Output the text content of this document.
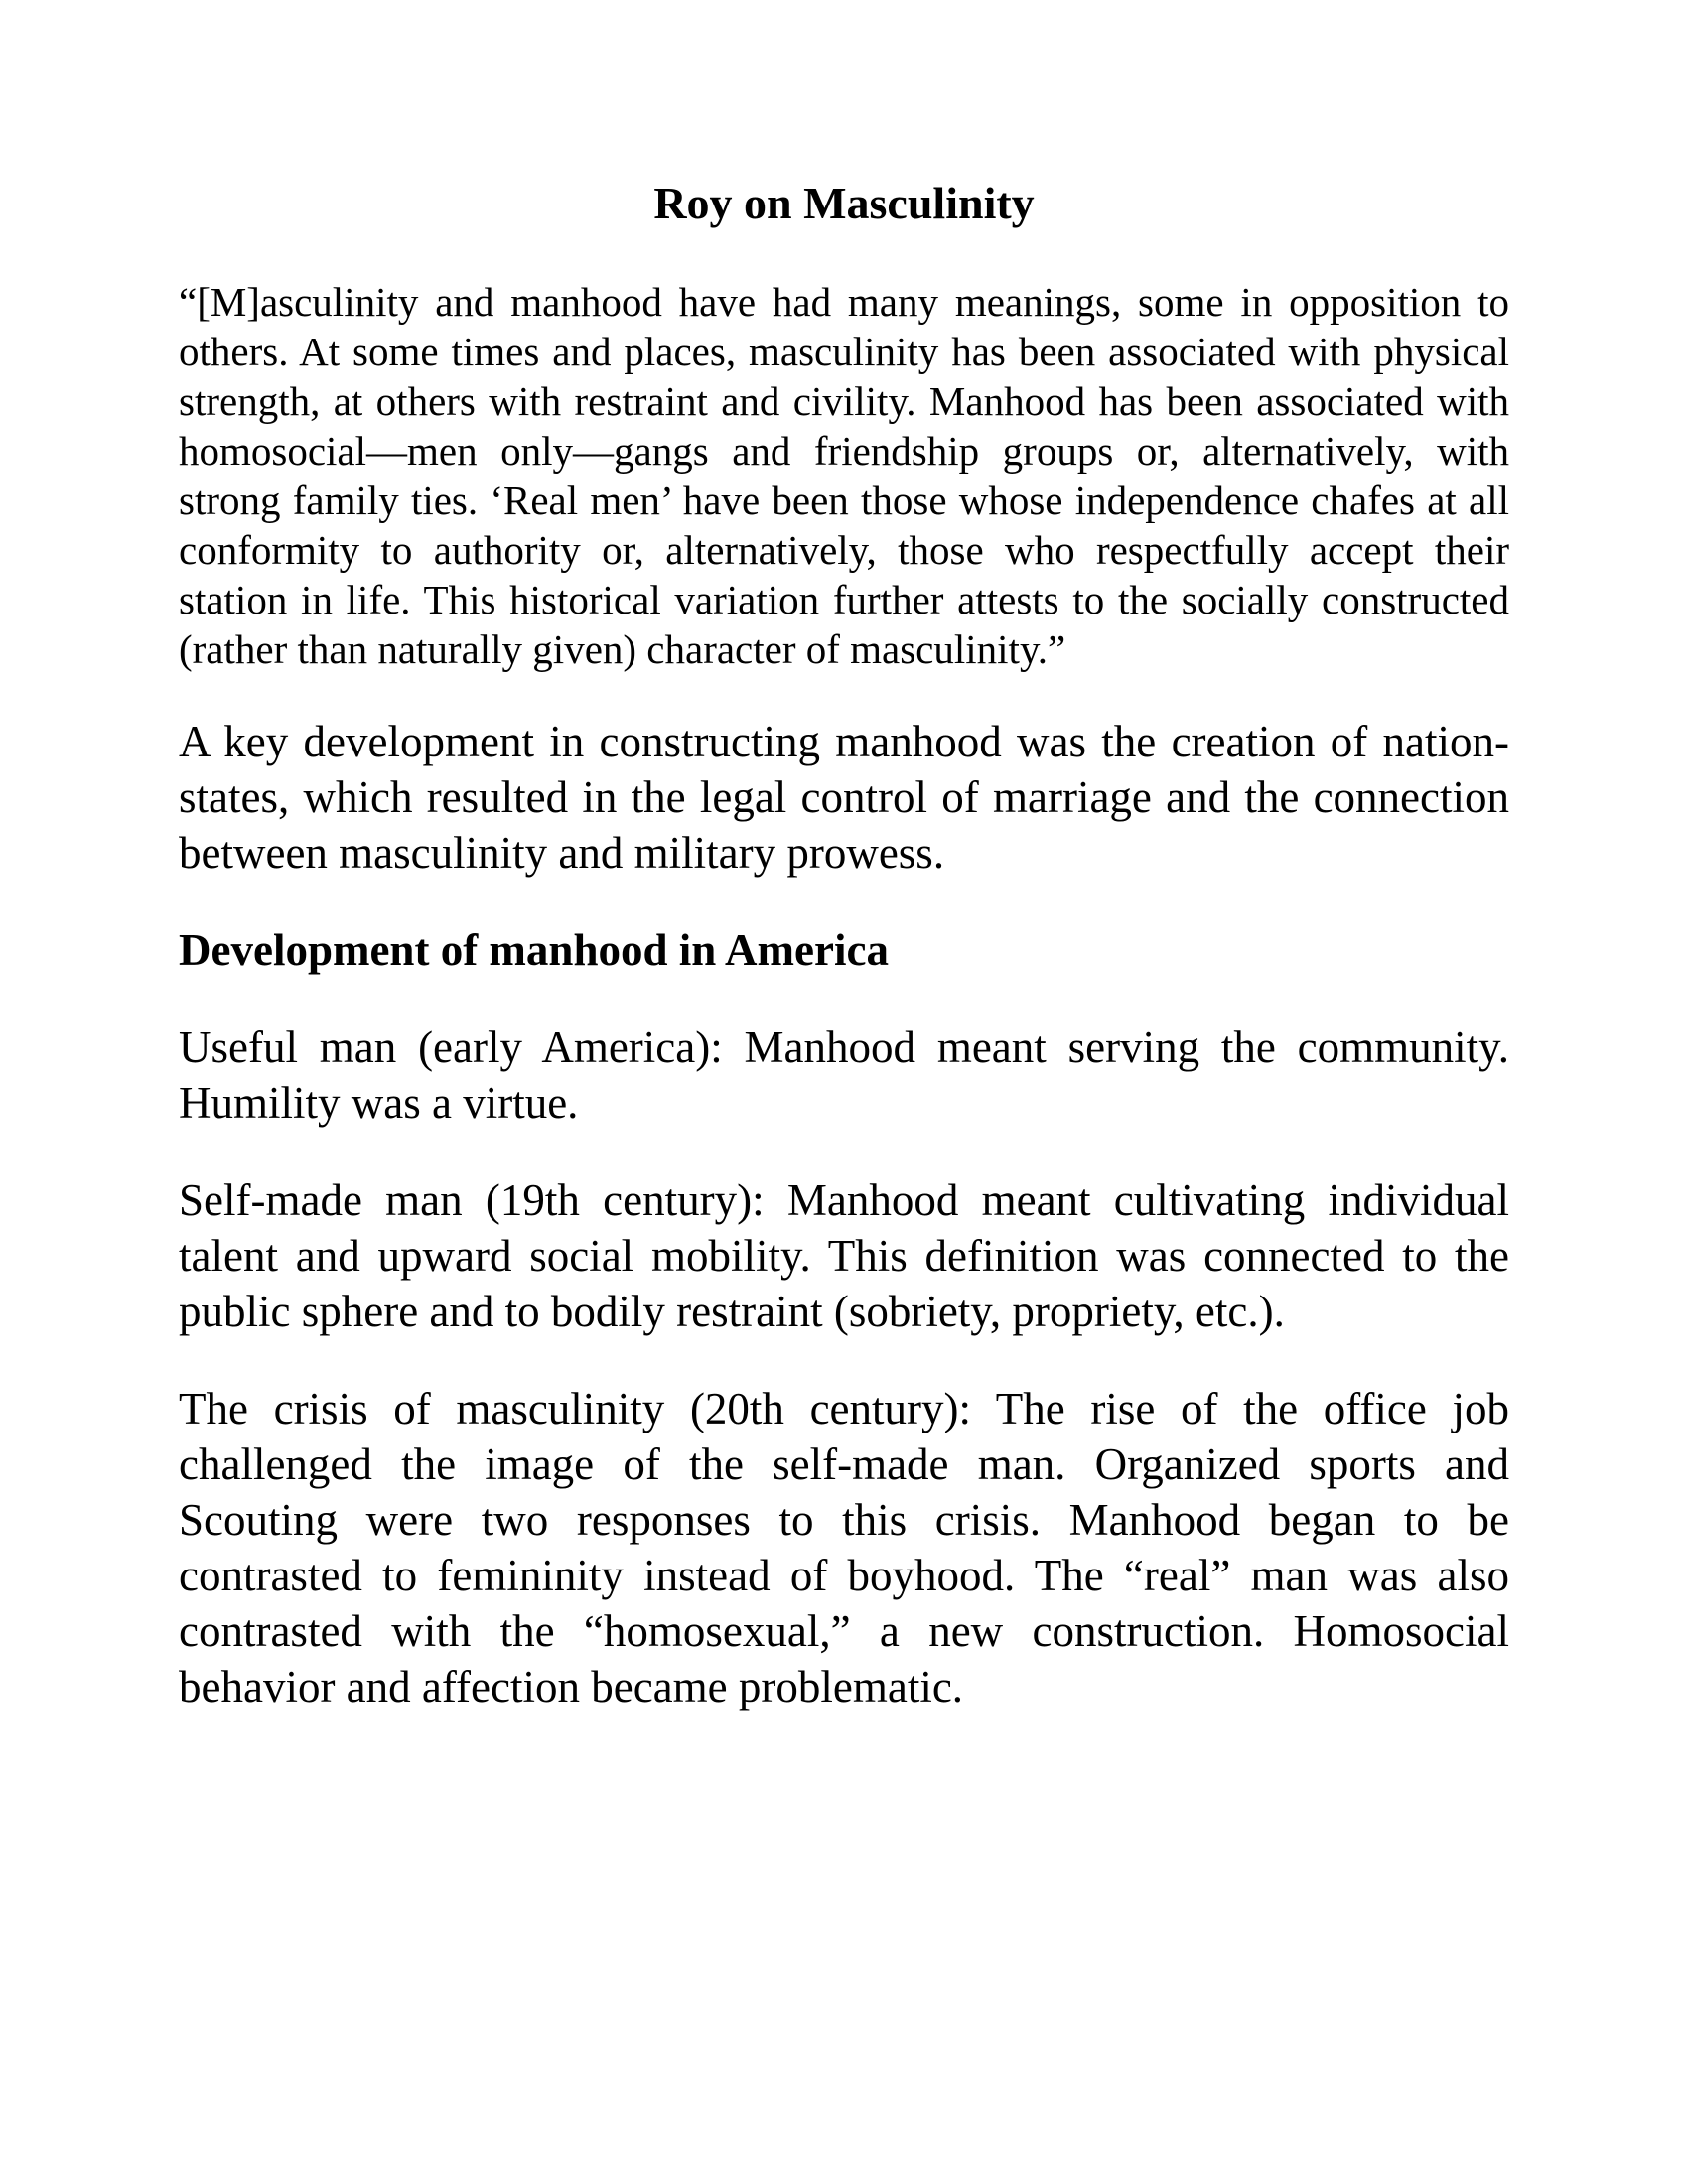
Roy on Masculinity

“[M]asculinity and manhood have had many meanings, some in opposition to others. At some times and places, masculinity has been associated with physical strength, at others with restraint and civility. Manhood has been associated with homosocial—men only—gangs and friendship groups or, alternatively, with strong family ties. ‘Real men’ have been those whose independence chafes at all conformity to authority or, alternatively, those who respectfully accept their station in life. This historical variation further attests to the socially constructed (rather than naturally given) character of masculinity.”

A key development in constructing manhood was the creation of nation-states, which resulted in the legal control of marriage and the connection between masculinity and military prowess.

Development of manhood in America

Useful man (early America): Manhood meant serving the community. Humility was a virtue.

Self-made man (19th century): Manhood meant cultivating individual talent and upward social mobility. This definition was connected to the public sphere and to bodily restraint (sobriety, propriety, etc.).

The crisis of masculinity (20th century): The rise of the office job challenged the image of the self-made man. Organized sports and Scouting were two responses to this crisis. Manhood began to be contrasted to femininity instead of boyhood. The “real” man was also contrasted with the “homosexual,” a new construction. Homosocial behavior and affection became problematic.
